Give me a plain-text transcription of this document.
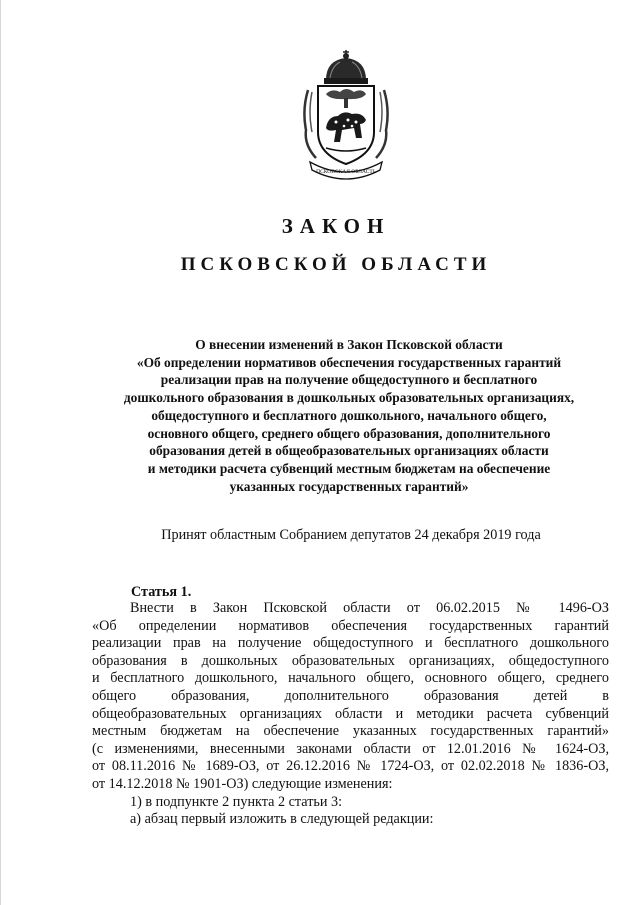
ПСКОВСКАЯ ОБЛАСТЬ
ЗАКОН
ПСКОВСКОЙ ОБЛАСТИ
О внесении изменений в Закон Псковской области
«Об определении нормативов обеспечения государственных гарантий
реализации прав на получение общедоступного и бесплатного
дошкольного образования в дошкольных образовательных организациях,
общедоступного и бесплатного дошкольного, начального общего,
основного общего, среднего общего образования, дополнительного
образования детей в общеобразовательных организациях области
и методики расчета субвенций местным бюджетам на обеспечение
указанных государственных гарантий»
Принят областным Собранием депутатов 24 декабря 2019 года
Статья 1.
Внести в Закон Псковской области от 06.02.2015 № 1496-ОЗ
«Об определении нормативов обеспечения государственных гарантий
реализации прав на получение общедоступного и бесплатного дошкольного
образования в дошкольных образовательных организациях, общедоступного
и бесплатного дошкольного, начального общего, основного общего, среднего
общего образования, дополнительного образования детей в
общеобразовательных организациях области и методики расчета субвенций
местным бюджетам на обеспечение указанных государственных гарантий»
(с изменениями, внесенными законами области от 12.01.2016 № 1624-ОЗ,
от 08.11.2016 № 1689-ОЗ, от 26.12.2016 № 1724-ОЗ, от 02.02.2018 № 1836-ОЗ,
от 14.12.2018 № 1901-ОЗ) следующие изменения:
1) в подпункте 2 пункта 2 статьи 3:
а) абзац первый изложить в следующей редакции:
